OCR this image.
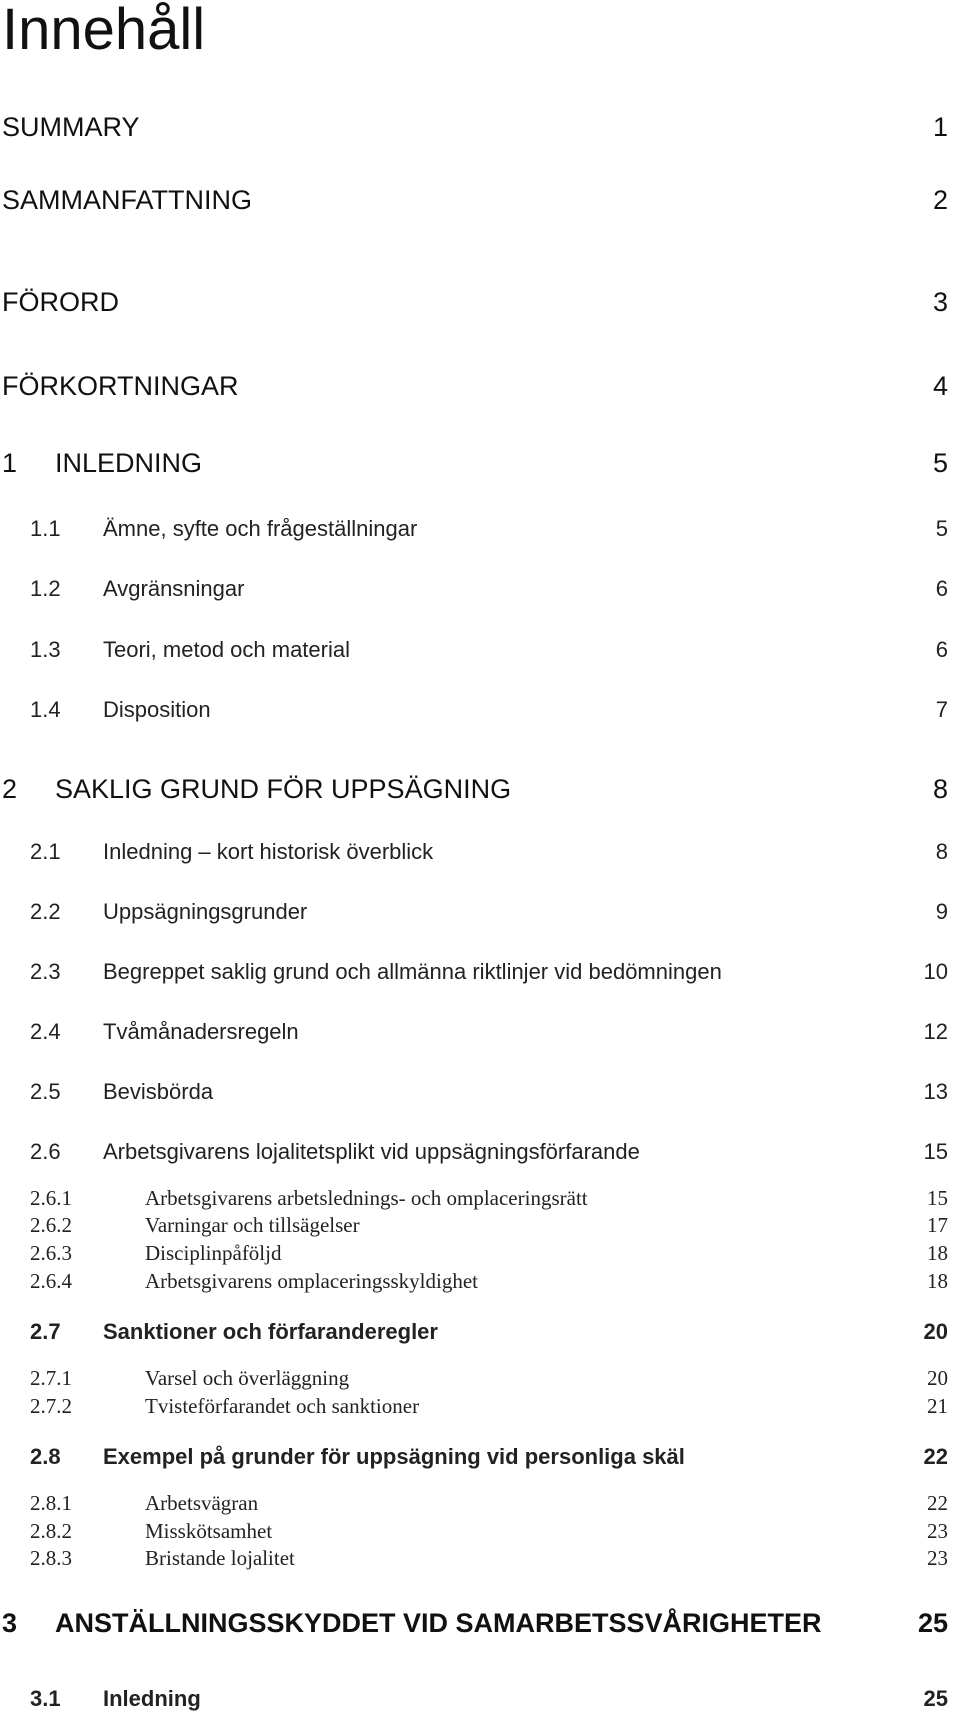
Innehåll
SUMMARY	1
SAMMANFATTNING	2
FÖRORD	3
FÖRKORTNINGAR	4
1 INLEDNING	5
1.1 Ämne, syfte och frågeställningar	5
1.2 Avgränsningar	6
1.3 Teori, metod och material	6
1.4 Disposition	7
2 SAKLIG GRUND FÖR UPPSÄGNING	8
2.1 Inledning – kort historisk överblick	8
2.2 Uppsägningsgrunder	9
2.3 Begreppet saklig grund och allmänna riktlinjer vid bedömningen	10
2.4 Tvåmånadersregeln	12
2.5 Bevisbörda	13
2.6 Arbetsgivarens lojalitetsplikt vid uppsägningsförfarande	15
2.6.1	Arbetsgivarens arbetslednings- och omplaceringsrätt	15
2.6.2	Varningar och tillsägelser	17
2.6.3	Disciplinpåföljd	18
2.6.4	Arbetsgivarens omplaceringsskyldighet	18
2.7 Sanktioner och förfaranderegler	20
2.7.1	Varsel och överläggning	20
2.7.2	Tvisteförfarandet och sanktioner	21
2.8 Exempel på grunder för uppsägning vid personliga skäl	22
2.8.1	Arbetsvägran	22
2.8.2	Misskötsamhet	23
2.8.3	Bristande lojalitet	23
3 ANSTÄLLNINGSSKYDDET VID SAMARBETSSVÅRIGHETER	25
3.1 Inledning	25
